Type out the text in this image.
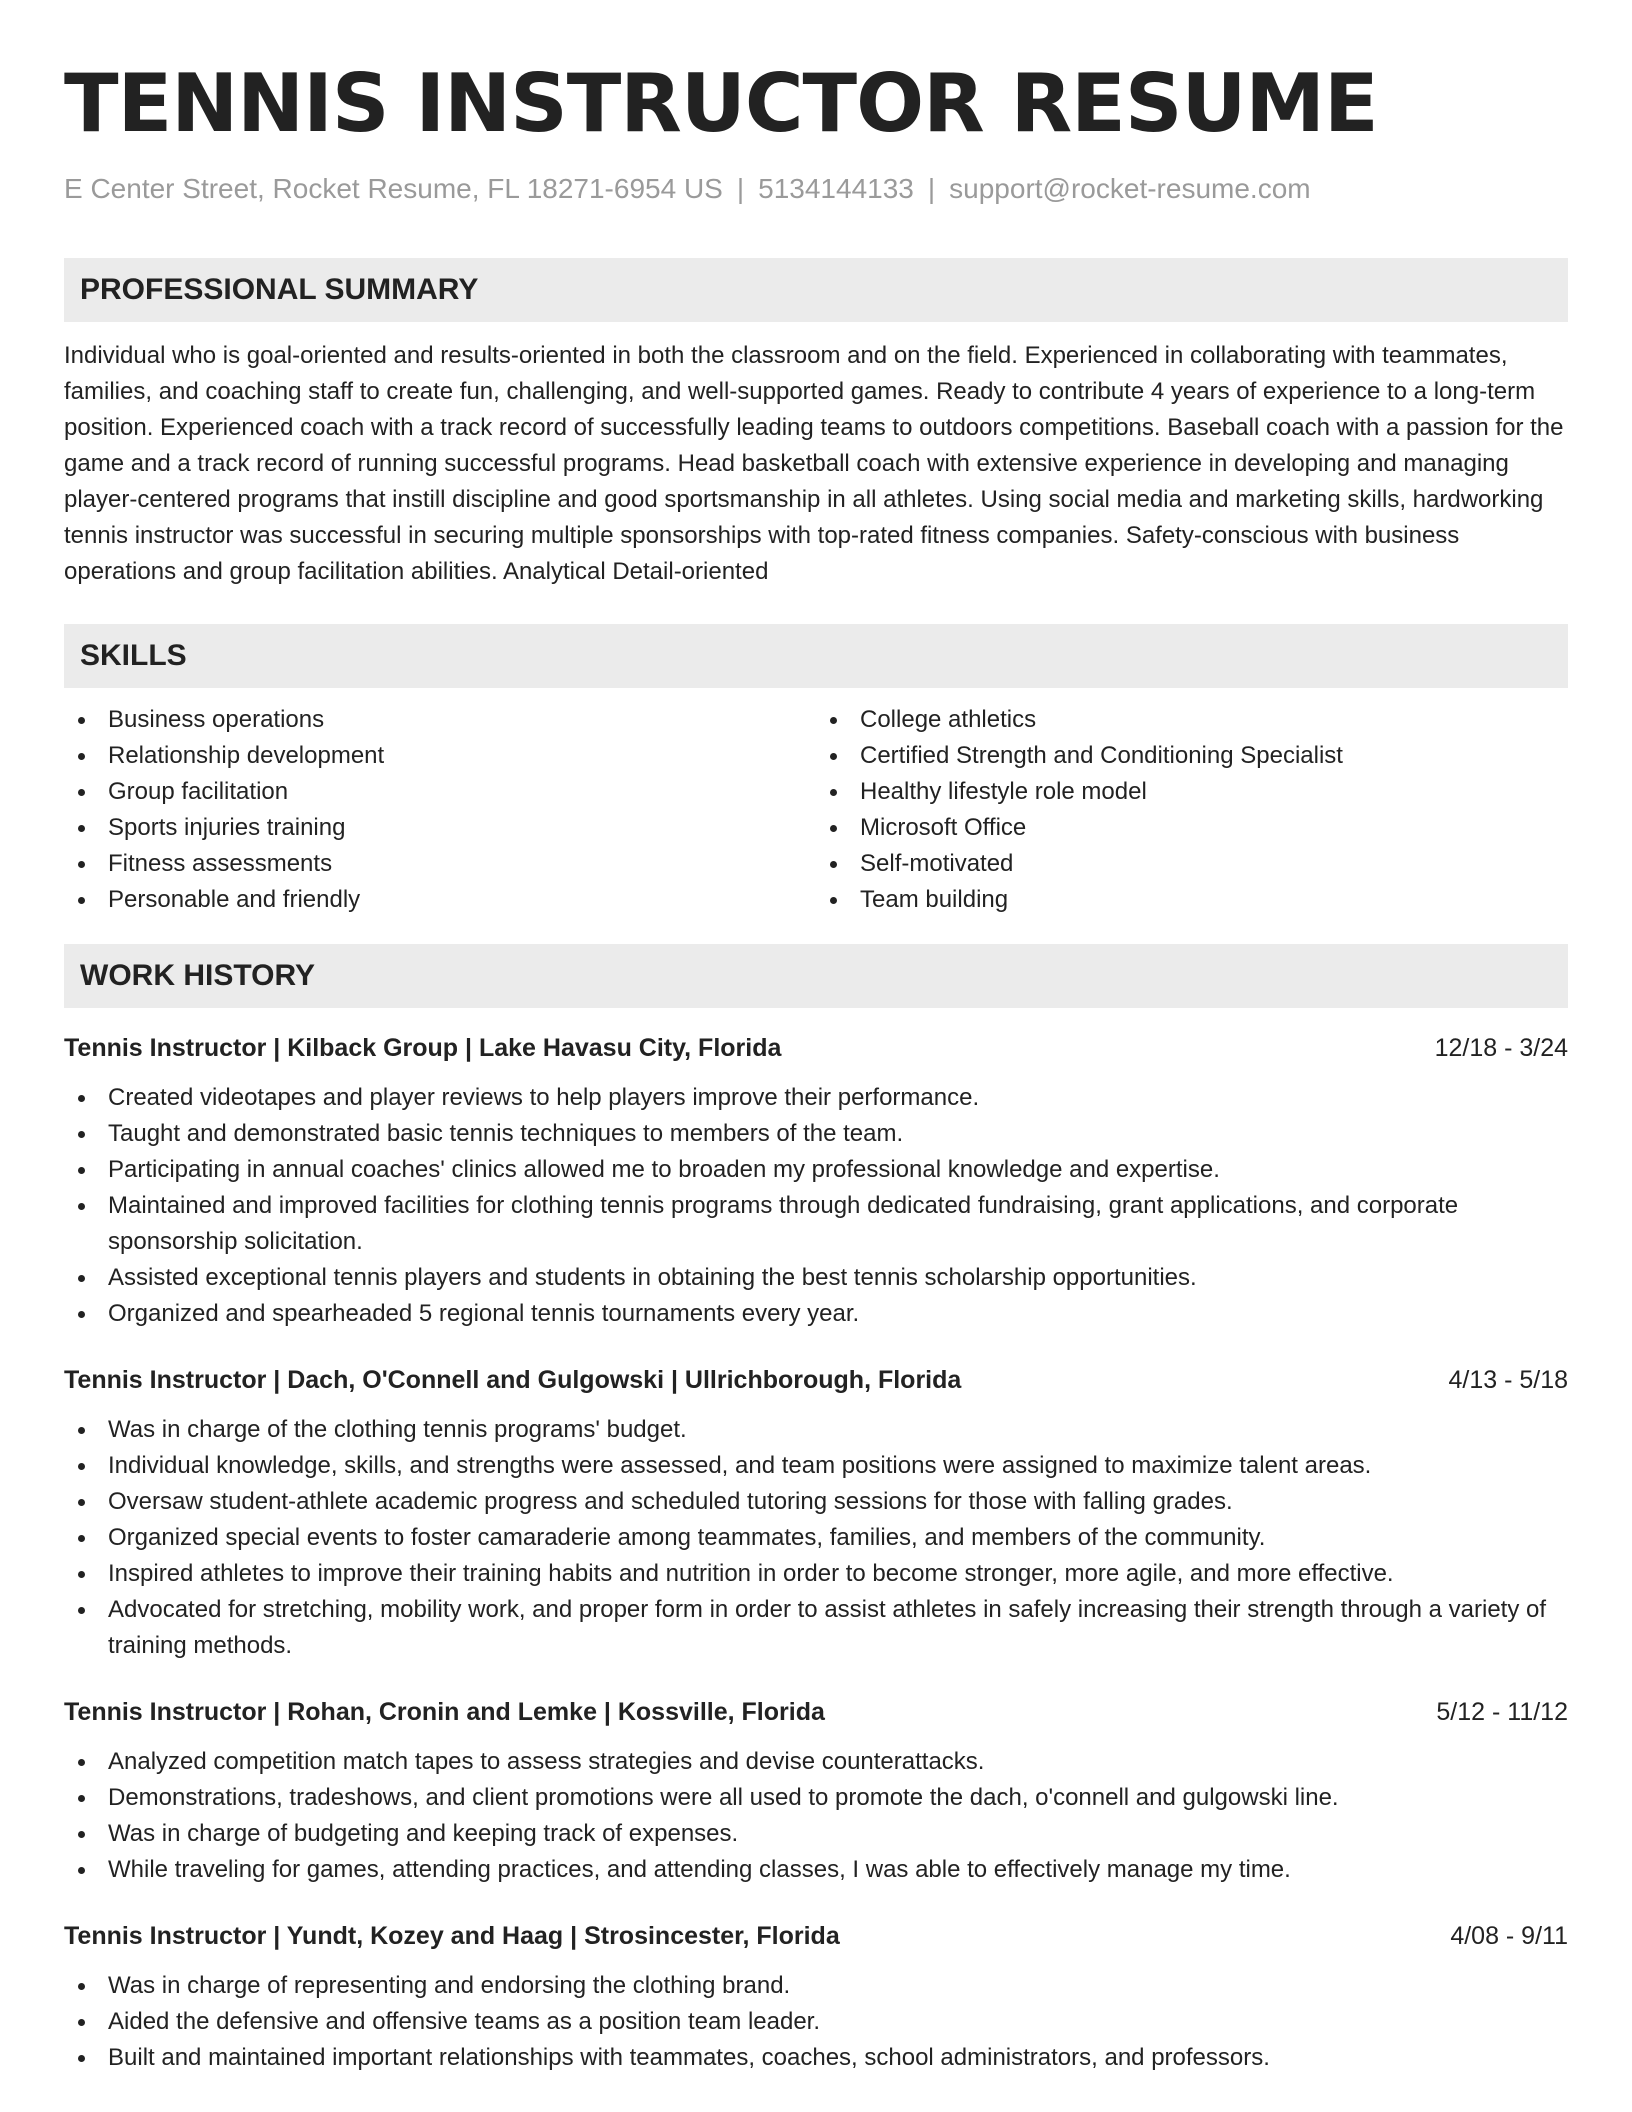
TENNIS INSTRUCTOR RESUME
E Center Street, Rocket Resume, FL 18271-6954 US | 5134144133 | support@rocket-resume.com
PROFESSIONAL SUMMARY

Individual who is goal-oriented and results-oriented in both the classroom and on the field. Experienced in collaborating with teammates, families, and coaching staff to create fun, challenging, and well-supported games. Ready to contribute 4 years of experience to a long-term position. Experienced coach with a track record of successfully leading teams to outdoors competitions. Baseball coach with a passion for the game and a track record of running successful programs. Head basketball coach with extensive experience in developing and managing player-centered programs that instill discipline and good sportsmanship in all athletes. Using social media and marketing skills, hardworking tennis instructor was successful in securing multiple sponsorships with top-rated fitness companies. Safety-conscious with business operations and group facilitation abilities. Analytical Detail-oriented

SKILLS
Business operations
Relationship development
Group facilitation
Sports injuries training
Fitness assessments
Personable and friendly
College athletics
Certified Strength and Conditioning Specialist
Healthy lifestyle role model
Microsoft Office
Self-motivated
Team building
WORK HISTORY
Tennis Instructor | Kilback Group | Lake Havasu City, Florida	12/18 - 3/24
Created videotapes and player reviews to help players improve their performance.
Taught and demonstrated basic tennis techniques to members of the team.
Participating in annual coaches' clinics allowed me to broaden my professional knowledge and expertise.
Maintained and improved facilities for clothing tennis programs through dedicated fundraising, grant applications, and corporate sponsorship solicitation.
Assisted exceptional tennis players and students in obtaining the best tennis scholarship opportunities.
Organized and spearheaded 5 regional tennis tournaments every year.
Tennis Instructor | Dach, O'Connell and Gulgowski | Ullrichborough, Florida	4/13 - 5/18
Was in charge of the clothing tennis programs' budget.
Individual knowledge, skills, and strengths were assessed, and team positions were assigned to maximize talent areas.
Oversaw student-athlete academic progress and scheduled tutoring sessions for those with falling grades.
Organized special events to foster camaraderie among teammates, families, and members of the community.
Inspired athletes to improve their training habits and nutrition in order to become stronger, more agile, and more effective.
Advocated for stretching, mobility work, and proper form in order to assist athletes in safely increasing their strength through a variety of training methods.
Tennis Instructor | Rohan, Cronin and Lemke | Kossville, Florida	5/12 - 11/12
Analyzed competition match tapes to assess strategies and devise counterattacks.
Demonstrations, tradeshows, and client promotions were all used to promote the dach, o'connell and gulgowski line.
Was in charge of budgeting and keeping track of expenses.
While traveling for games, attending practices, and attending classes, I was able to effectively manage my time.
Tennis Instructor | Yundt, Kozey and Haag | Strosincester, Florida	4/08 - 9/11
Was in charge of representing and endorsing the clothing brand.
Aided the defensive and offensive teams as a position team leader.
Built and maintained important relationships with teammates, coaches, school administrators, and professors.
